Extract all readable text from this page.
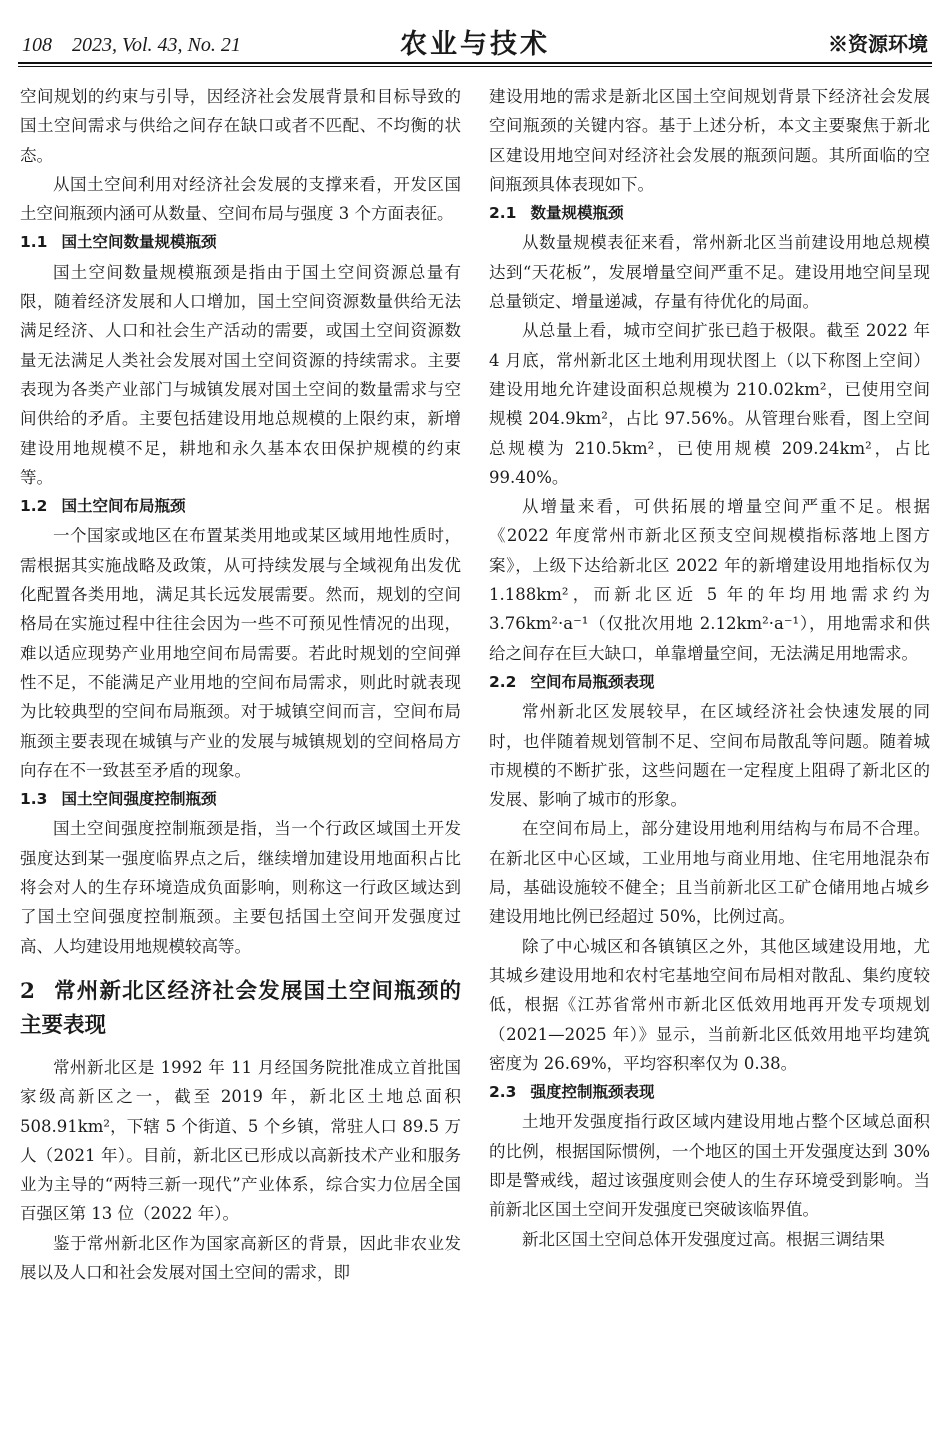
108　2023, Vol. 43, No. 21	农业与技术	※资源环境

空间规划的约束与引导，因经济社会发展背景和目标导致的国土空间需求与供给之间存在缺口或者不匹配、不均衡的状态。

从国土空间利用对经济社会发展的支撑来看，开发区国土空间瓶颈内涵可从数量、空间布局与强度 3 个方面表征。

1.1 国土空间数量规模瓶颈

国土空间数量规模瓶颈是指由于国土空间资源总量有限，随着经济发展和人口增加，国土空间资源数量供给无法满足经济、人口和社会生产活动的需要，或国土空间资源数量无法满足人类社会发展对国土空间资源的持续需求。主要表现为各类产业部门与城镇发展对国土空间的数量需求与空间供给的矛盾。主要包括建设用地总规模的上限约束，新增建设用地规模不足，耕地和永久基本农田保护规模的约束等。

1.2 国土空间布局瓶颈

一个国家或地区在布置某类用地或某区域用地性质时，需根据其实施战略及政策，从可持续发展与全域视角出发优化配置各类用地，满足其长远发展需要。然而，规划的空间格局在实施过程中往往会因为一些不可预见性情况的出现，难以适应现势产业用地空间布局需要。若此时规划的空间弹性不足，不能满足产业用地的空间布局需求，则此时就表现为比较典型的空间布局瓶颈。对于城镇空间而言，空间布局瓶颈主要表现在城镇与产业的发展与城镇规划的空间格局方向存在不一致甚至矛盾的现象。

1.3 国土空间强度控制瓶颈

国土空间强度控制瓶颈是指，当一个行政区域国土开发强度达到某一强度临界点之后，继续增加建设用地面积占比将会对人的生存环境造成负面影响，则称这一行政区域达到了国土空间强度控制瓶颈。主要包括国土空间开发强度过高、人均建设用地规模较高等。

2 常州新北区经济社会发展国土空间瓶颈的主要表现

常州新北区是 1992 年 11 月经国务院批准成立首批国家级高新区之一，截至 2019 年，新北区土地总面积 508.91km²，下辖 5 个街道、5 个乡镇，常驻人口 89.5 万人（2021 年）。目前，新北区已形成以高新技术产业和服务业为主导的“两特三新一现代”产业体系，综合实力位居全国百强区第 13 位（2022 年）。

鉴于常州新北区作为国家高新区的背景，因此非农业发展以及人口和社会发展对国土空间的需求，即

建设用地的需求是新北区国土空间规划背景下经济社会发展空间瓶颈的关键内容。基于上述分析，本文主要聚焦于新北区建设用地空间对经济社会发展的瓶颈问题。其所面临的空间瓶颈具体表现如下。

2.1 数量规模瓶颈

从数量规模表征来看，常州新北区当前建设用地总规模达到“天花板”，发展增量空间严重不足。建设用地空间呈现总量锁定、增量递减，存量有待优化的局面。

从总量上看，城市空间扩张已趋于极限。截至 2022 年 4 月底，常州新北区土地利用现状图上（以下称图上空间）建设用地允许建设面积总规模为 210.02km²，已使用空间规模 204.9km²，占比 97.56%。从管理台账看，图上空间总规模为 210.5km²，已使用规模 209.24km²，占比 99.40%。

从增量来看，可供拓展的增量空间严重不足。根据《2022 年度常州市新北区预支空间规模指标落地上图方案》，上级下达给新北区 2022 年的新增建设用地指标仅为 1.188km²，而新北区近 5 年的年均用地需求约为 3.76km²·a⁻¹（仅批次用地 2.12km²·a⁻¹），用地需求和供给之间存在巨大缺口，单靠增量空间，无法满足用地需求。

2.2 空间布局瓶颈表现

常州新北区发展较早，在区域经济社会快速发展的同时，也伴随着规划管制不足、空间布局散乱等问题。随着城市规模的不断扩张，这些问题在一定程度上阻碍了新北区的发展、影响了城市的形象。

在空间布局上，部分建设用地利用结构与布局不合理。在新北区中心区域，工业用地与商业用地、住宅用地混杂布局，基础设施较不健全；且当前新北区工矿仓储用地占城乡建设用地比例已经超过 50%，比例过高。

除了中心城区和各镇镇区之外，其他区域建设用地，尤其城乡建设用地和农村宅基地空间布局相对散乱、集约度较低，根据《江苏省常州市新北区低效用地再开发专项规划（2021—2025 年）》显示，当前新北区低效用地平均建筑密度为 26.69%，平均容积率仅为 0.38。

2.3 强度控制瓶颈表现

土地开发强度指行政区域内建设用地占整个区域总面积的比例，根据国际惯例，一个地区的国土开发强度达到 30%即是警戒线，超过该强度则会使人的生存环境受到影响。当前新北区国土空间开发强度已突破该临界值。

新北区国土空间总体开发强度过高。根据三调结果
